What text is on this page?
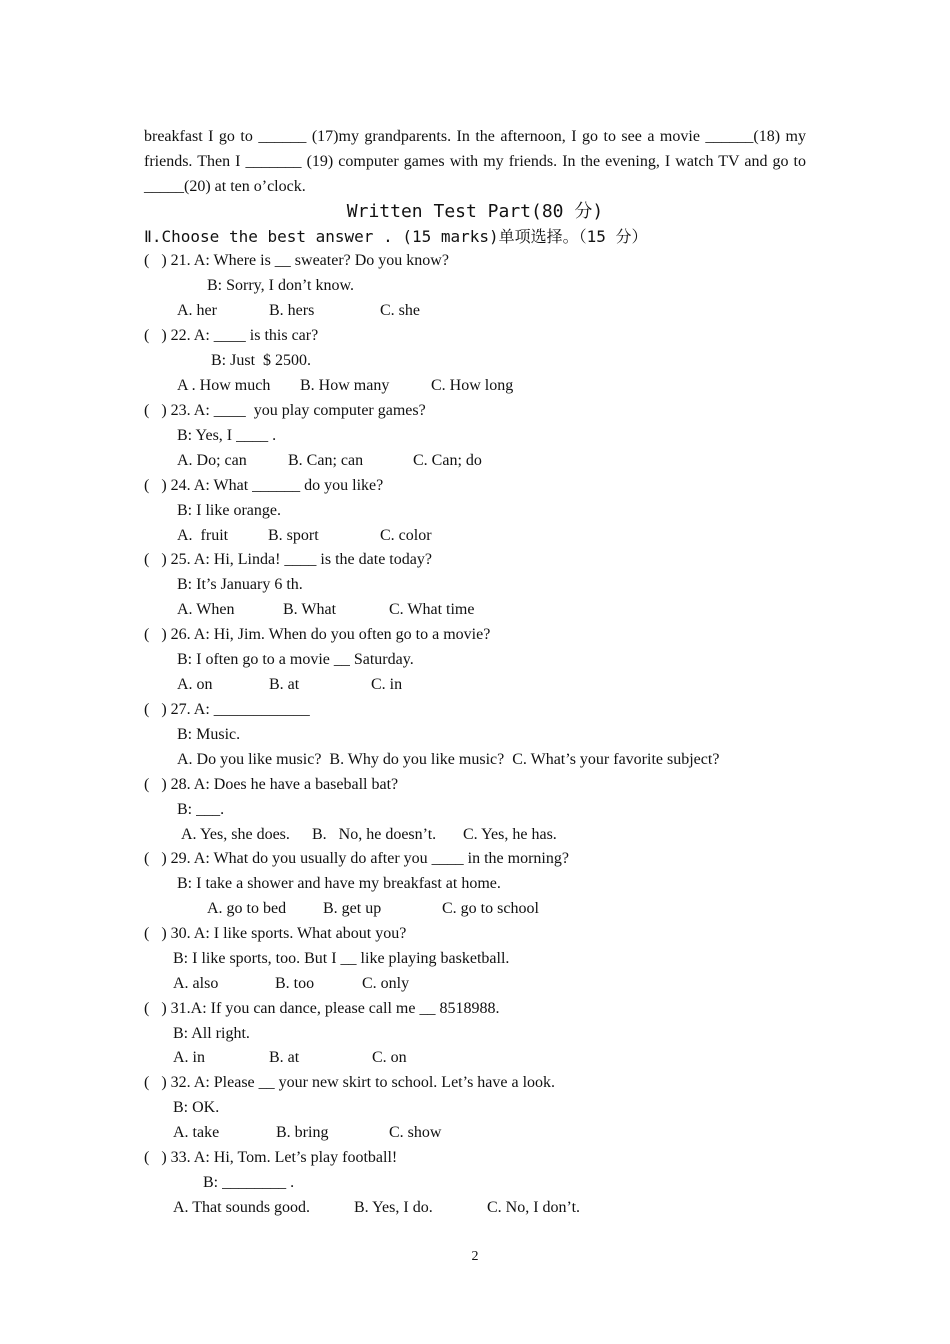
breakfast I go to ______ (17)my grandparents. In the afternoon, I go to see a movie ______(18) my friends. Then I _______ (19) computer games with my friends. In the evening, I watch TV and go to _____(20) at ten o’clock.
Written Test Part(80 分)
Ⅱ.Choose the best answer . (15 marks)单项选择。（15 分）
(   ) 21. A: Where is __ sweater? Do you know?
B: Sorry, I don’t know.
A. her	B. hers	C. she
(   ) 22. A: ____ is this car?
B: Just  $ 2500.
A . How much B. How many	C. How long
(   ) 23. A: ____  you play computer games?
B: Yes, I ____ .
A. Do; can	B. Can; can	C. Can; do
(   ) 24. A: What ______ do you like?
B: I like orange.
A.  fruit B. sport	C. color
(   ) 25. A: Hi, Linda! ____ is the date today?
B: It’s January 6 th.
A. When	B. What	C. What time
(   ) 26. A: Hi, Jim. When do you often go to a movie?
B: I often go to a movie __ Saturday.
A. on	B. at	C. in
(   ) 27. A: ____________
B: Music.
A. Do you like music?  B. Why do you like music?  C. What’s your favorite subject?
(   ) 28. A: Does he have a baseball bat?
B: ___.
A. Yes, she does. B.   No, he doesn’t. C. Yes, he has.
(   ) 29. A: What do you usually do after you ____ in the morning?
B: I take a shower and have my breakfast at home.
A. go to bed B. get up	C. go to school
(   ) 30. A: I like sports. What about you?
B: I like sports, too. But I __ like playing basketball.
A. also	B. too	C. only
(   ) 31.A: If you can dance, please call me __ 8518988.
B: All right.
A. in	B. at	C. on
(   ) 32. A: Please __ your new skirt to school. Let’s have a look.
B: OK.
A. take	B. bring	C. show
(   ) 33. A: Hi, Tom. Let’s play football!
B: ________ .
A. That sounds good.	B. Yes, I do.	C. No, I don’t.
2
